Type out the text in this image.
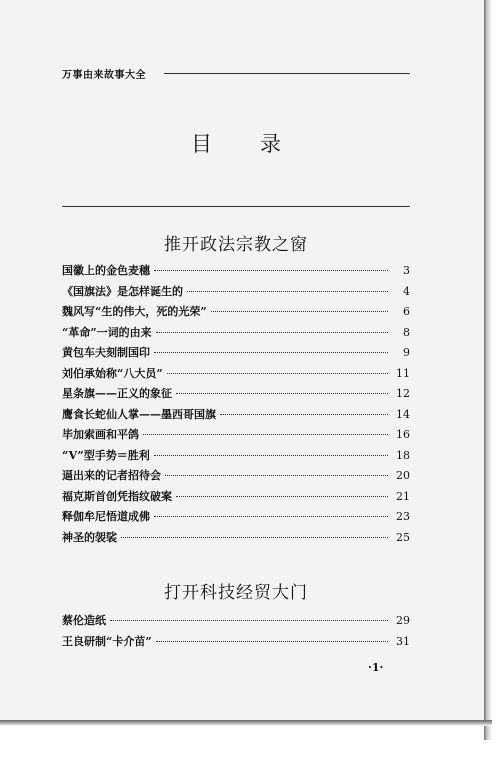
万事由来故事大全
目录
推开政法宗教之窗
国徽上的金色麦穗	3
《国旗法》是怎样诞生的	4
魏风写“生的伟大，死的光荣”	6
“革命”一词的由来	8
黄包车夫刻制国印	9
刘伯承始称“八大员”	11
星条旗——正义的象征	12
鹰食长蛇仙人掌——墨西哥国旗	14
毕加索画和平鸽	16
“V”型手势＝胜利	18
逼出来的记者招待会	20
福克斯首创凭指纹破案	21
释伽牟尼悟道成佛	23
神圣的袈裟	25
打开科技经贸大门
蔡伦造纸	29
王良研制“卡介苗”	31
·1·
